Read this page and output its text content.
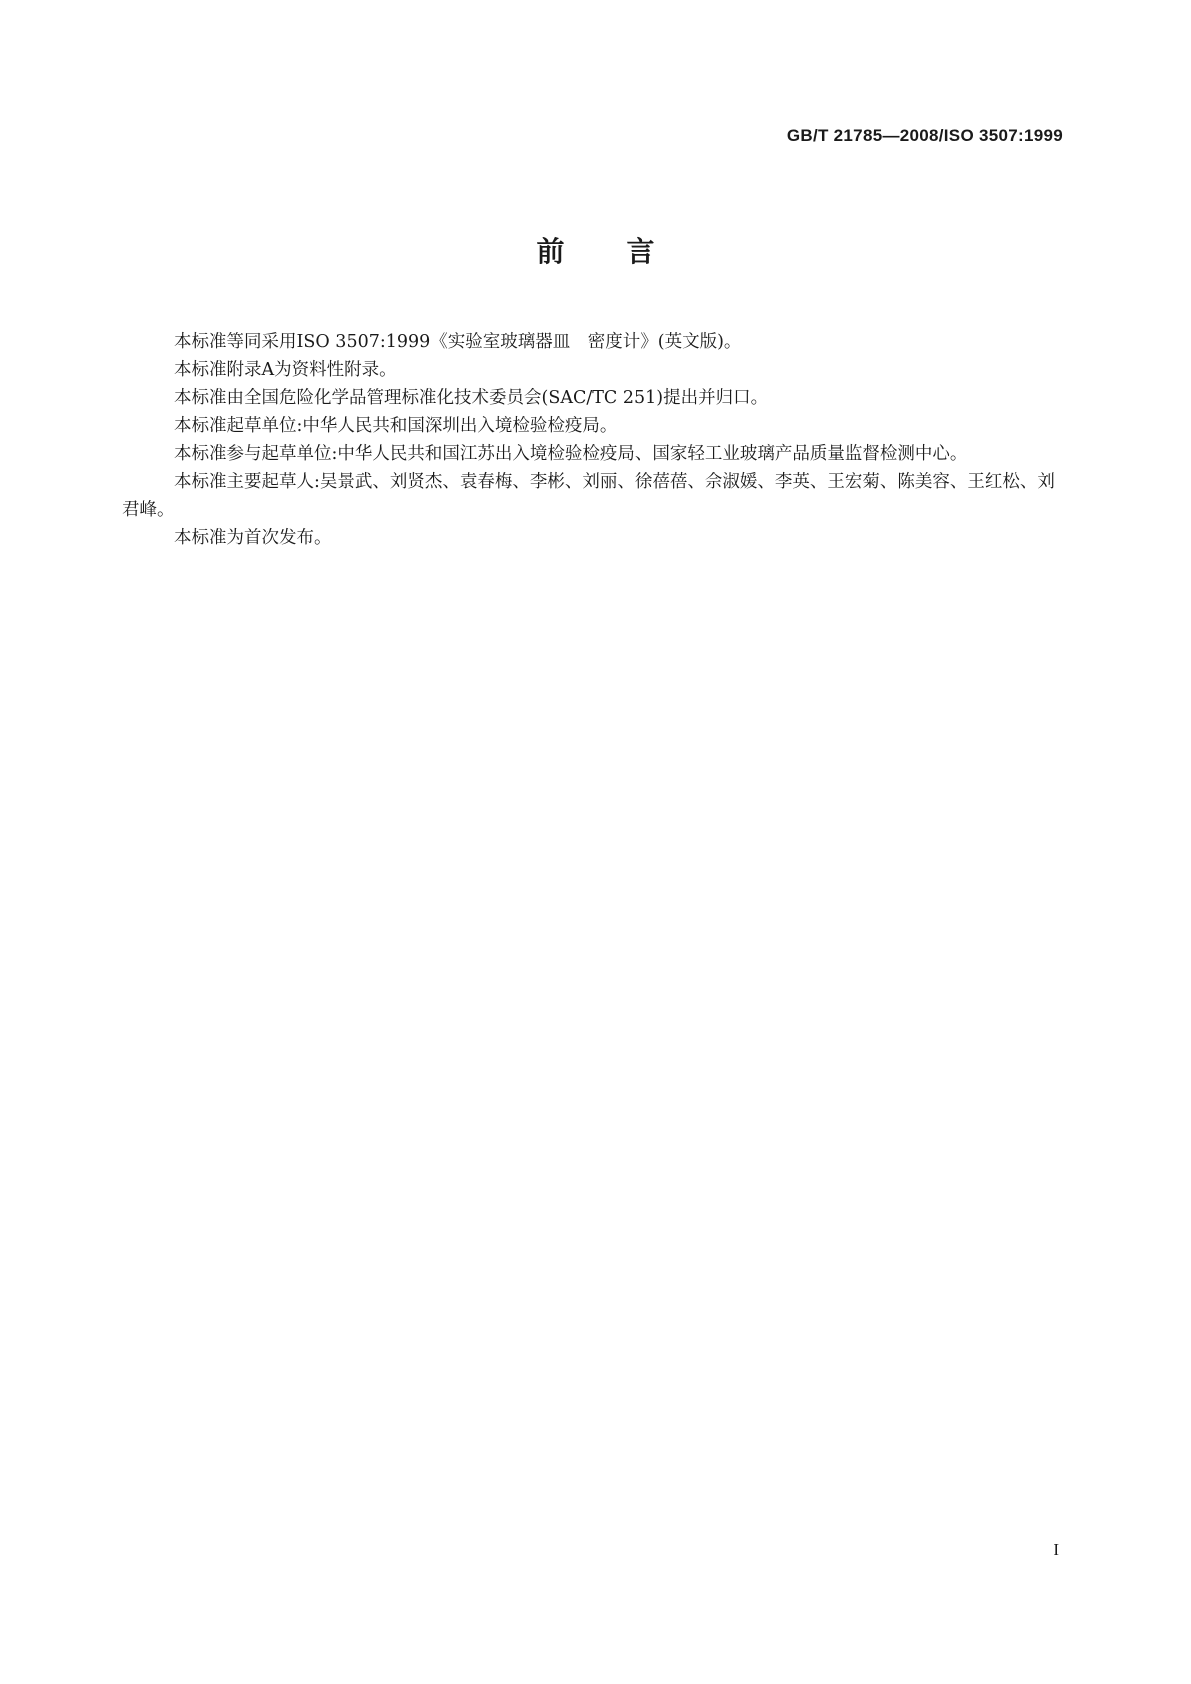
GB/T 21785—2008/ISO 3507:1999
前言

本标准等同采用ISO 3507:1999《实验室玻璃器皿　密度计》(英文版)。

本标准附录A为资料性附录。

本标准由全国危险化学品管理标准化技术委员会(SAC/TC 251)提出并归口。

本标准起草单位:中华人民共和国深圳出入境检验检疫局。

本标准参与起草单位:中华人民共和国江苏出入境检验检疫局、国家轻工业玻璃产品质量监督检测中心。

本标准主要起草人:吴景武、刘贤杰、袁春梅、李彬、刘丽、徐蓓蓓、佘淑媛、李英、王宏菊、陈美容、王红松、刘君峰。

本标准为首次发布。

I
